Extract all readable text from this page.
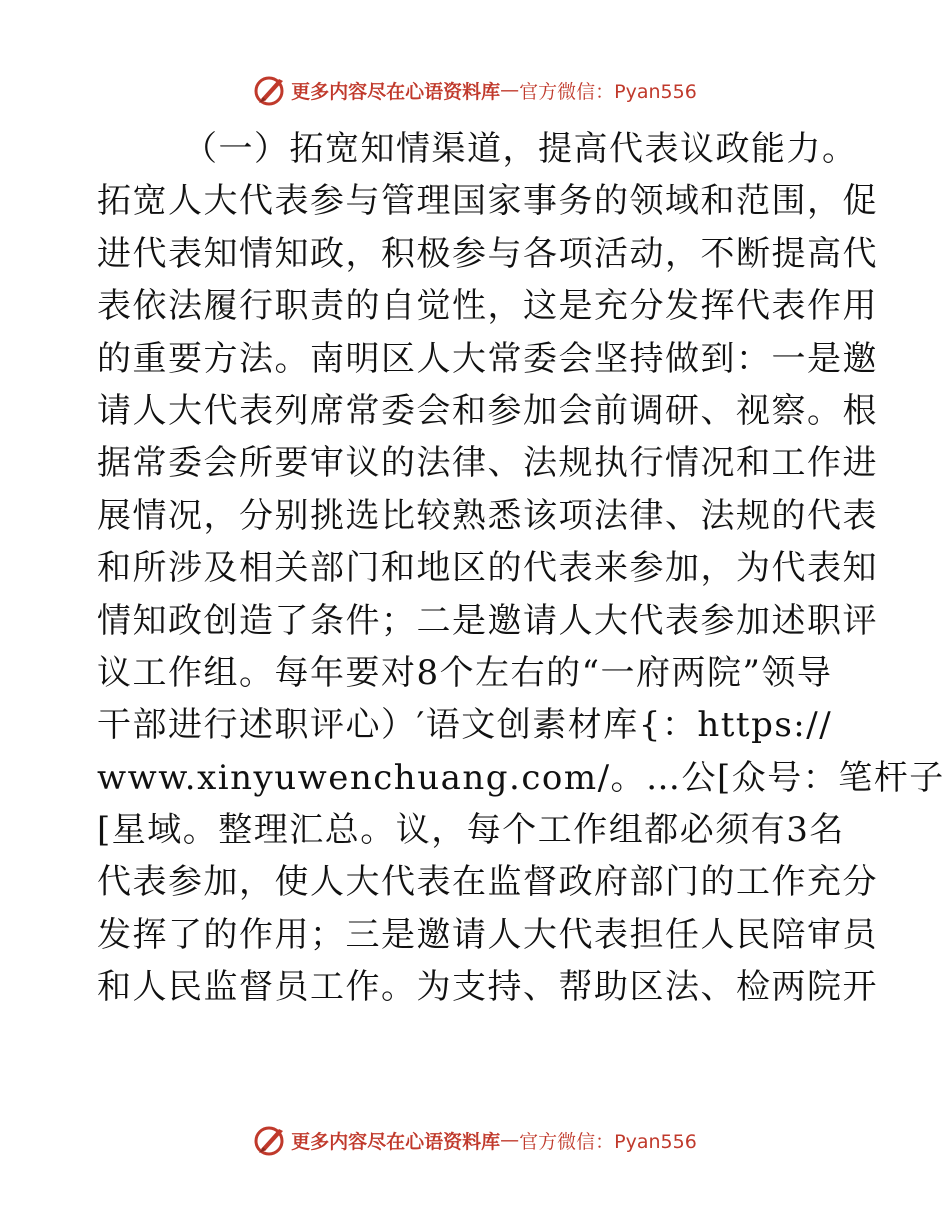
更多内容尽在心语资料库 — 官方微信：Pyan556
（一）拓宽知情渠道，提高代表议政能力。
拓宽人大代表参与管理国家事务的领域和范围，促
进代表知情知政，积极参与各项活动，不断提高代
表依法履行职责的自觉性，这是充分发挥代表作用
的重要方法。南明区人大常委会坚持做到：一是邀
请人大代表列席常委会和参加会前调研、视察。根
据常委会所要审议的法律、法规执行情况和工作进
展情况，分别挑选比较熟悉该项法律、法规的代表
和所涉及相关部门和地区的代表来参加，为代表知
情知政创造了条件；二是邀请人大代表参加述职评
议工作组。每年要对8个左右的“一府两院”领导
干部进行述职评心）′语文创素材库{：https://
www.xinyuwenchuang.com/。…公[众号：笔杆子
[星域。整理汇总。议，每个工作组都必须有3名
代表参加，使人大代表在监督政府部门的工作充分
发挥了的作用；三是邀请人大代表担任人民陪审员
和人民监督员工作。为支持、帮助区法、检两院开
更多内容尽在心语资料库 — 官方微信：Pyan556
